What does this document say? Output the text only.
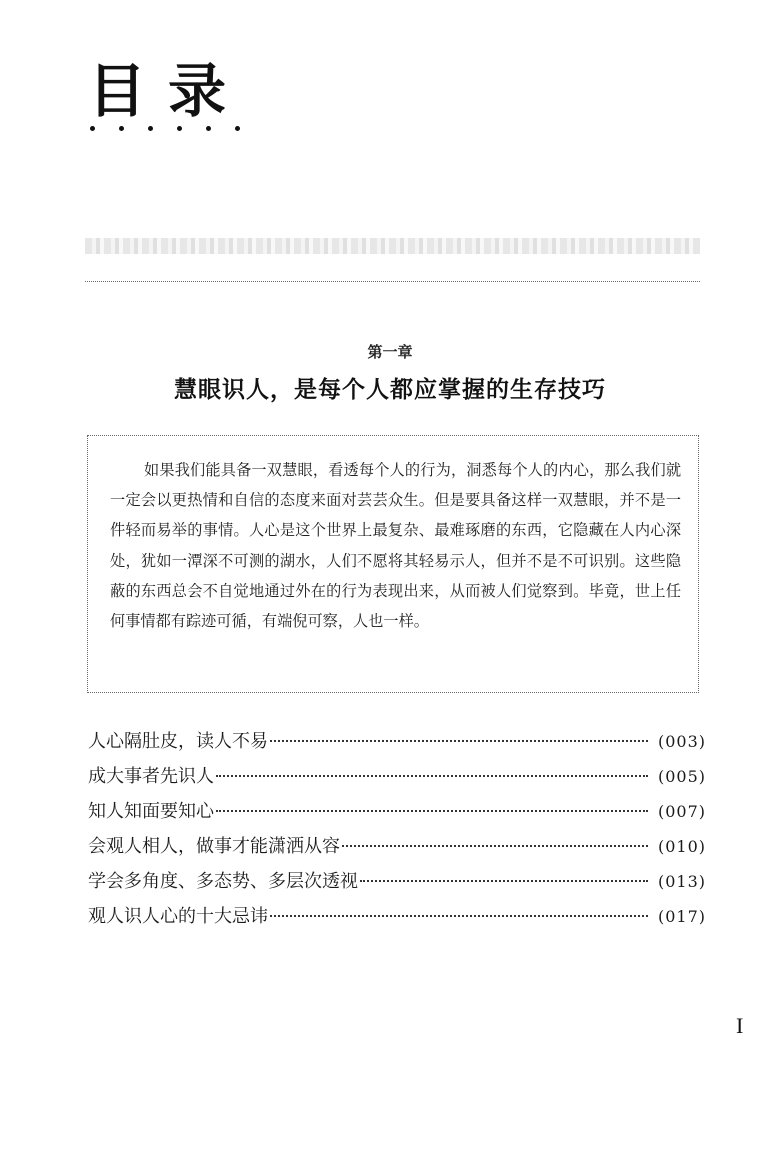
目录
第一章
慧眼识人，是每个人都应掌握的生存技巧

如果我们能具备一双慧眼，看透每个人的行为，洞悉每个人的内心，那么我们就一定会以更热情和自信的态度来面对芸芸众生。但是要具备这样一双慧眼，并不是一件轻而易举的事情。人心是这个世界上最复杂、最难琢磨的东西，它隐藏在人内心深处，犹如一潭深不可测的湖水，人们不愿将其轻易示人，但并不是不可识别。这些隐蔽的东西总会不自觉地通过外在的行为表现出来，从而被人们觉察到。毕竟，世上任何事情都有踪迹可循，有端倪可察，人也一样。

人心隔肚皮，读人不易	(003)
成大事者先识人	(005)
知人知面要知心	(007)
会观人相人，做事才能潇洒从容	(010)
学会多角度、多态势、多层次透视	(013)
观人识人心的十大忌讳	(017)
I
